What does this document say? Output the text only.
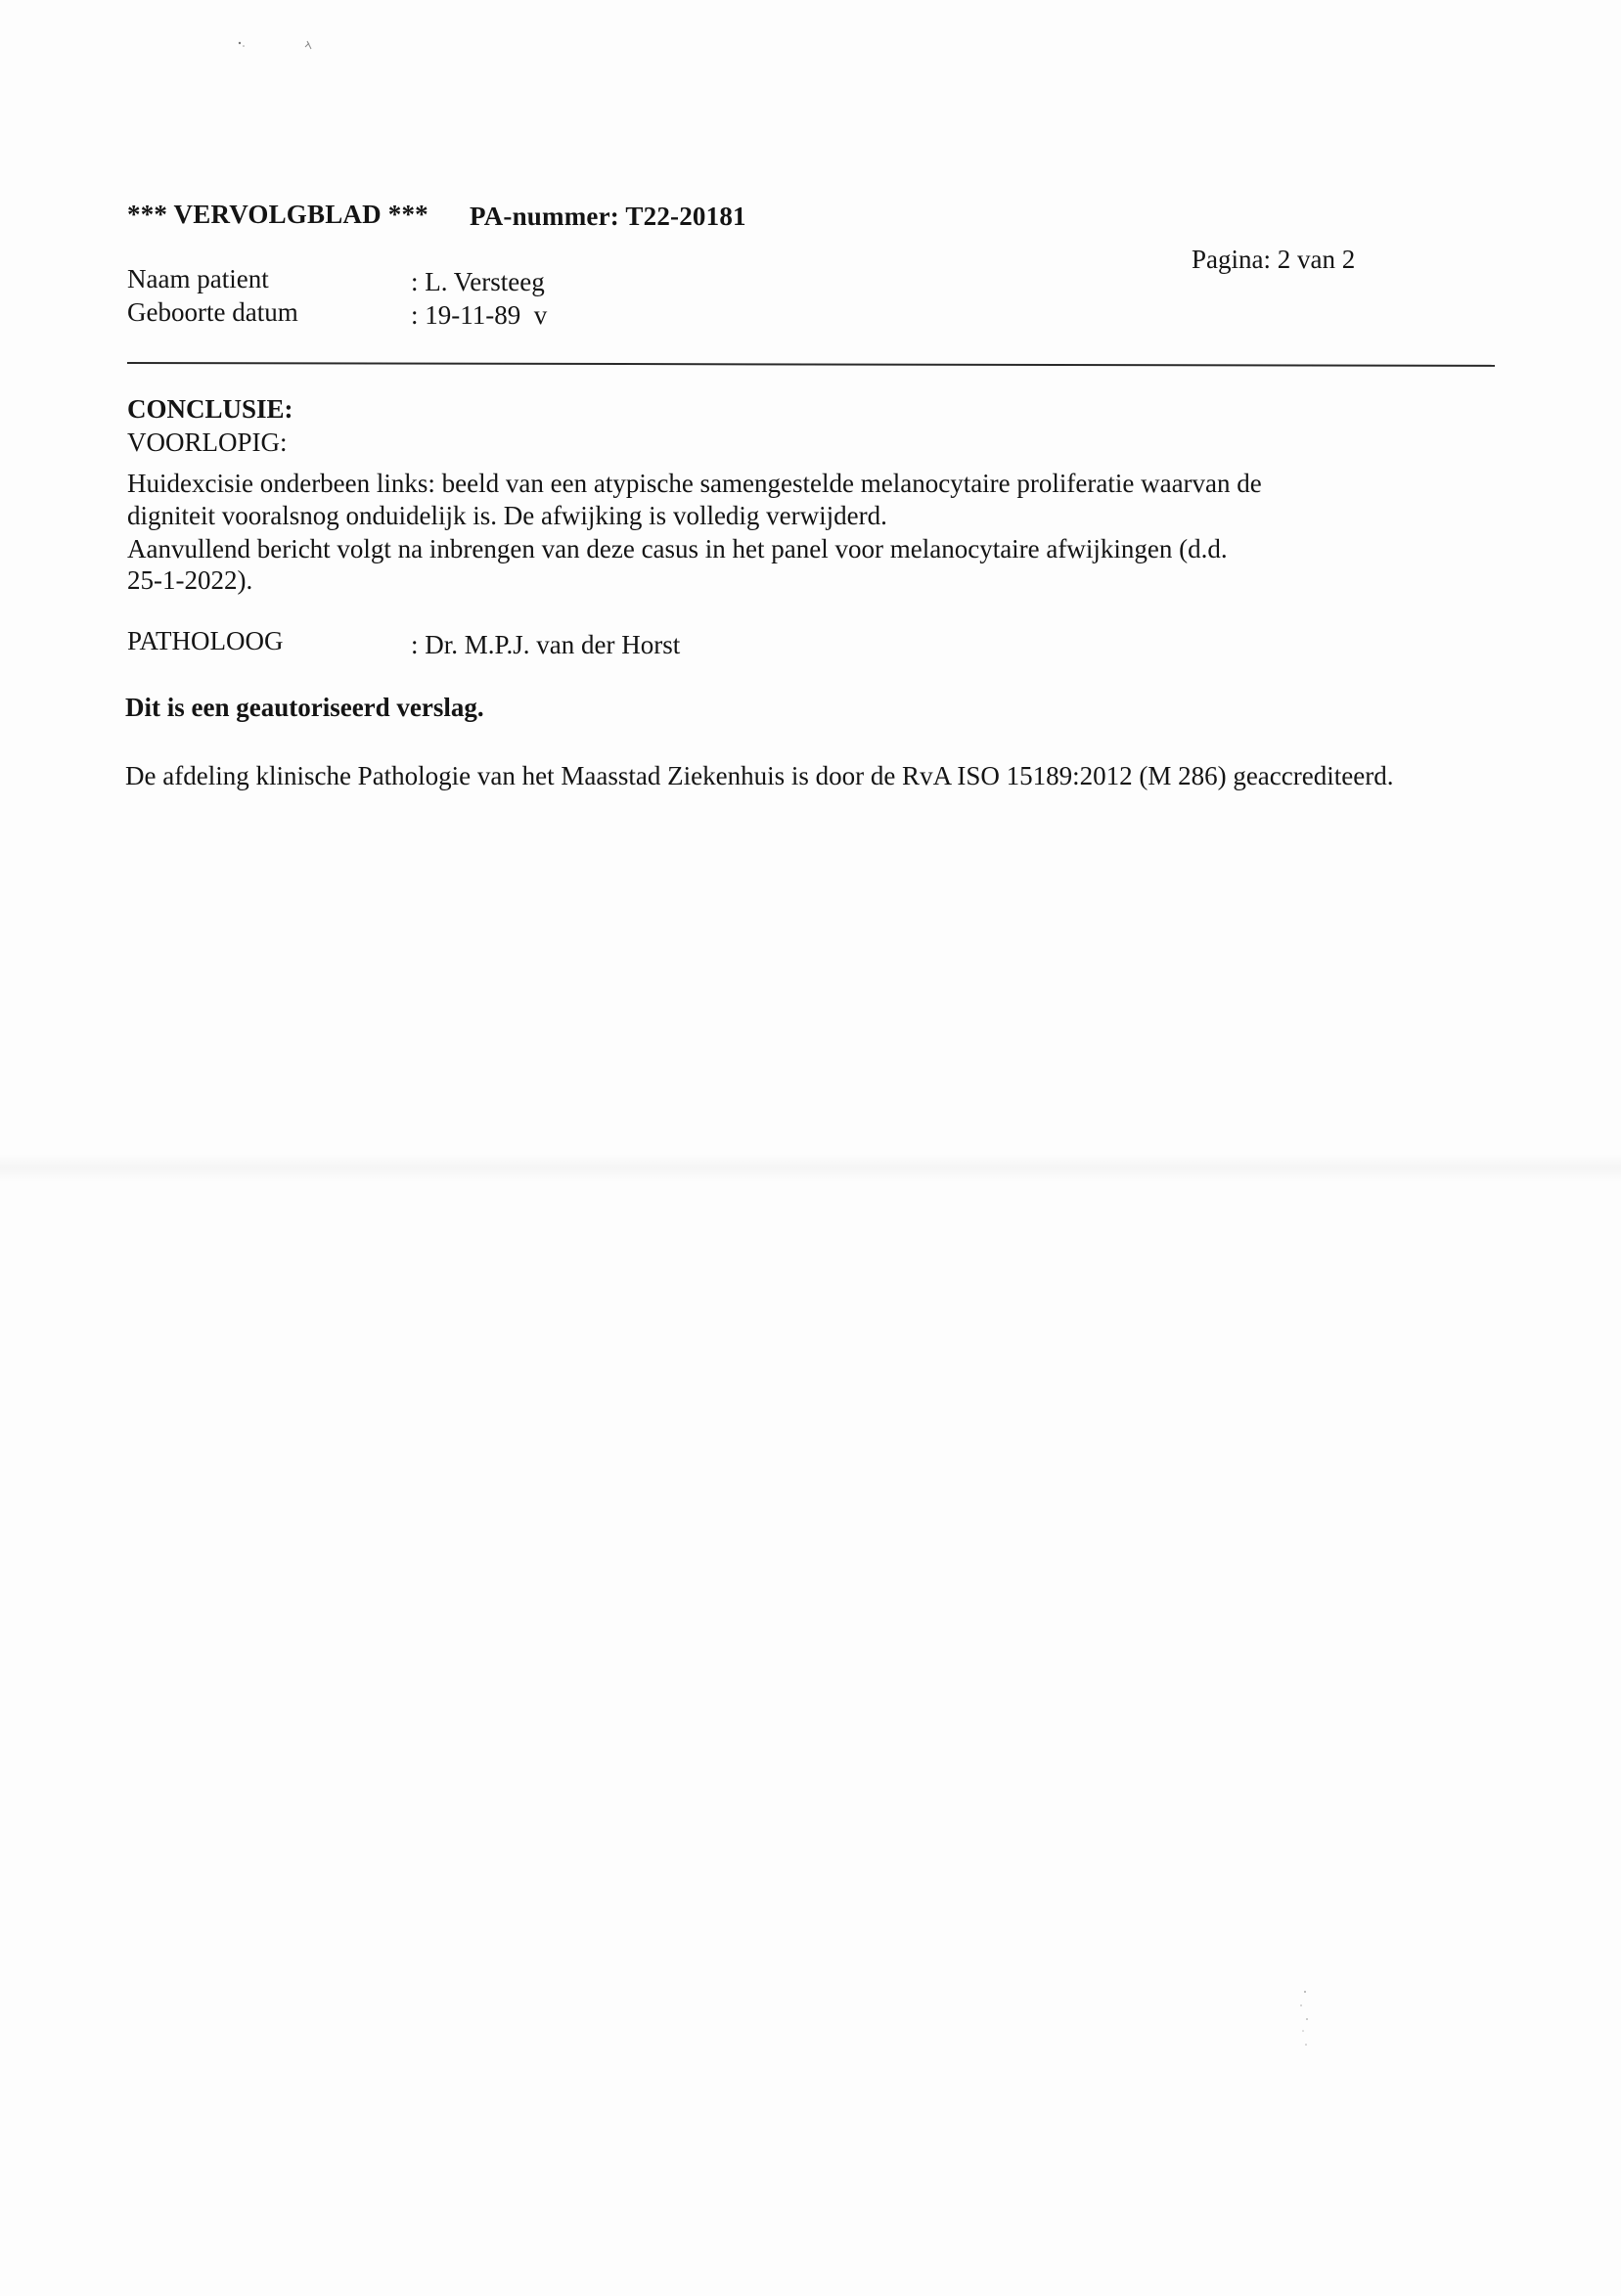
*** VERVOLGBLAD *** PA-nummer: T22-20181
Pagina: 2 van 2
Naam patient	: L. Versteeg
Geboorte datum	: 19-11-89  v
CONCLUSIE:
VOORLOPIG:
Huidexcisie onderbeen links: beeld van een atypische samengestelde melanocytaire proliferatie waarvan de
digniteit vooralsnog onduidelijk is. De afwijking is volledig verwijderd.
Aanvullend bericht volgt na inbrengen van deze casus in het panel voor melanocytaire afwijkingen (d.d.
25-1-2022).
PATHOLOOG	: Dr. M.P.J. van der Horst
Dit is een geautoriseerd verslag.
De afdeling klinische Pathologie van het Maasstad Ziekenhuis is door de RvA ISO 15189:2012 (M 286) geaccrediteerd.
